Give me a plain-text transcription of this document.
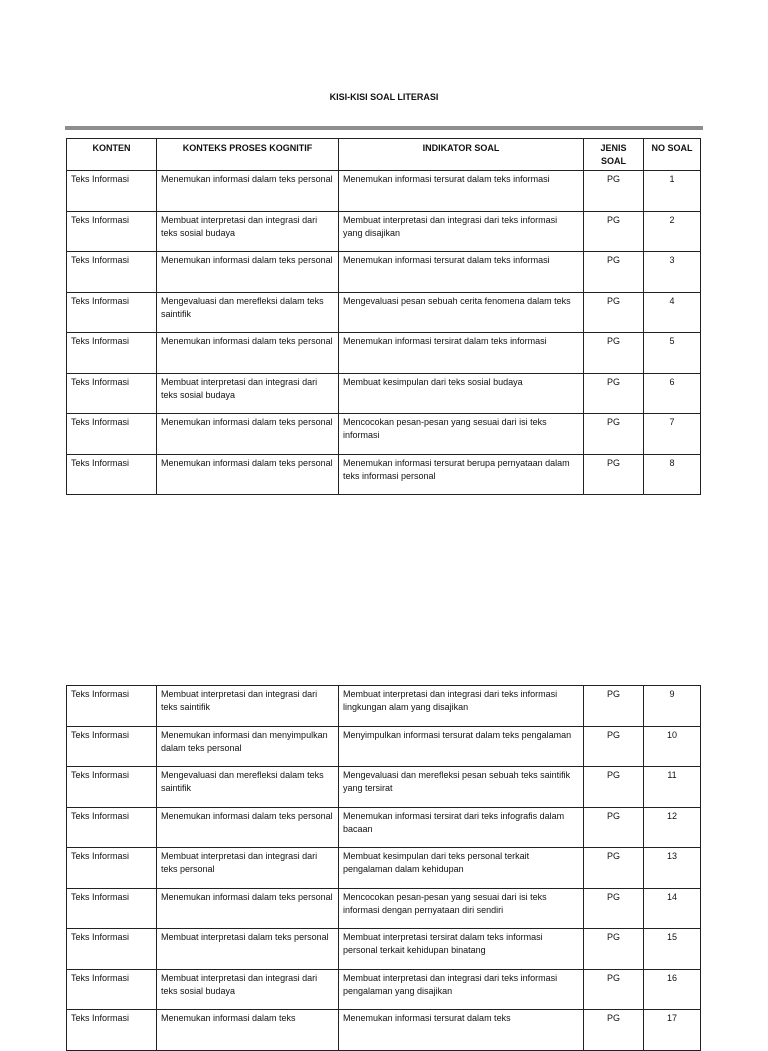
KISI-KISI SOAL LITERASI
KONTEN	KONTEKS PROSES KOGNITIF	INDIKATOR SOAL	JENIS SOAL	NO SOAL
Teks Informasi	Menemukan informasi dalam teks personal	Menemukan informasi tersurat dalam teks informasi	PG	1
Teks Informasi	Membuat interpretasi dan integrasi dari teks sosial budaya	Membuat interpretasi dan integrasi dari teks informasi yang disajikan	PG	2
Teks Informasi	Menemukan informasi dalam teks personal	Menemukan informasi tersurat dalam teks informasi	PG	3
Teks Informasi	Mengevaluasi dan merefleksi dalam teks saintifik	Mengevaluasi pesan sebuah cerita fenomena dalam teks	PG	4
Teks Informasi	Menemukan informasi dalam teks personal	Menemukan informasi tersirat dalam teks informasi	PG	5
Teks Informasi	Membuat interpretasi dan integrasi dari teks sosial budaya	Membuat kesimpulan dari teks sosial budaya	PG	6
Teks Informasi	Menemukan informasi dalam teks personal	Mencocokan pesan-pesan yang sesuai dari isi teks informasi	PG	7
Teks Informasi	Menemukan informasi dalam teks personal	Menemukan informasi tersurat berupa pernyataan dalam teks informasi personal	PG	8
Teks Informasi	Membuat interpretasi dan integrasi dari teks saintifik	Membuat interpretasi dan integrasi dari teks informasi lingkungan alam yang disajikan	PG	9
Teks Informasi	Menemukan informasi dan menyimpulkan dalam teks personal	Menyimpulkan informasi tersurat dalam teks pengalaman	PG	10
Teks Informasi	Mengevaluasi dan merefleksi dalam teks saintifik	Mengevaluasi dan merefleksi pesan sebuah teks saintifik yang tersirat	PG	11
Teks Informasi	Menemukan informasi dalam teks personal	Menemukan informasi tersirat dari teks infografis dalam bacaan	PG	12
Teks Informasi	Membuat interpretasi dan integrasi dari teks personal	Membuat kesimpulan dari teks personal terkait pengalaman dalam kehidupan	PG	13
Teks Informasi	Menemukan informasi dalam teks personal	Mencocokan pesan-pesan yang sesuai dari isi teks informasi dengan pernyataan diri sendiri	PG	14
Teks Informasi	Membuat interpretasi dalam teks personal	Membuat interpretasi tersirat dalam teks informasi personal terkait kehidupan binatang	PG	15
Teks Informasi	Membuat interpretasi dan integrasi dari teks sosial budaya	Membuat interpretasi dan integrasi dari teks informasi pengalaman yang disajikan	PG	16
Teks Informasi	Menemukan informasi dalam teks	Menemukan informasi tersurat dalam teks	PG	17
